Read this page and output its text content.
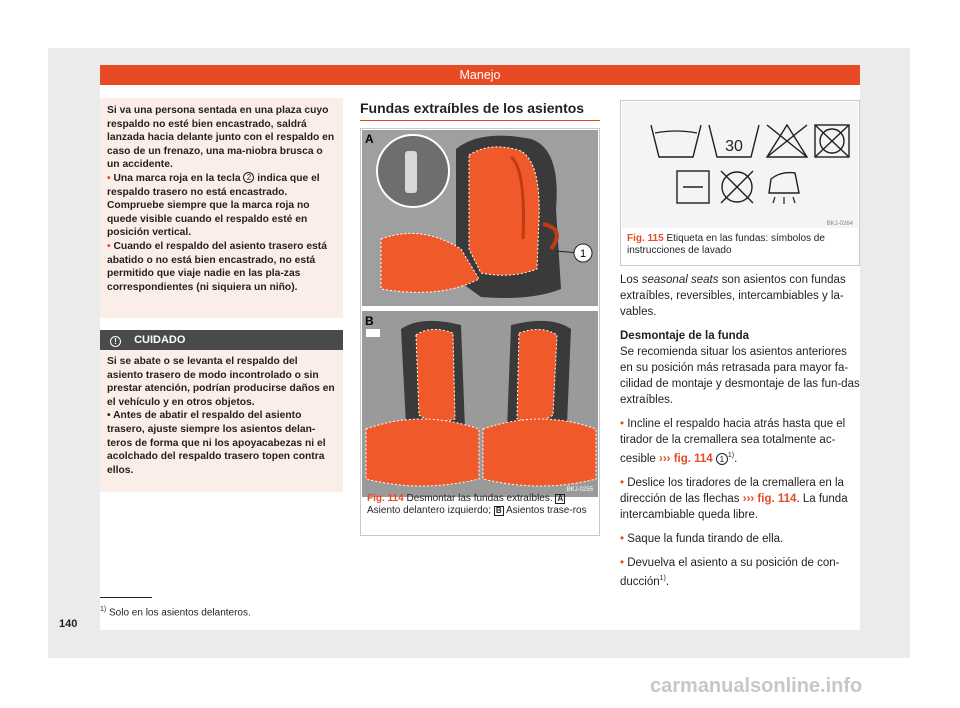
Manejo

Si va una persona sentada en una plaza cuyo respaldo no esté bien encastrado, saldrá lanzada hacia delante junto con el respaldo en caso de un frenazo, una ma-niobra brusca o un accidente.

• Una marca roja en la tecla 2 indica que el respaldo trasero no está encastrado. Compruebe siempre que la marca roja no quede visible cuando el respaldo esté en posición vertical.

• Cuando el respaldo del asiento trasero está abatido o no está bien encastrado, no está permitido que viaje nadie en las pla-zas correspondientes (ni siquiera un niño).

! CUIDADO

Si se abate o se levanta el respaldo del asiento trasero de modo incontrolado o sin prestar atención, podrían producirse daños en el vehículo y en otros objetos.

• Antes de abatir el respaldo del asiento trasero, ajuste siempre los asientos delan-teros de forma que ni los apoyacabezas ni el acolchado del respaldo trasero topen contra ellos.

Fundas extraíbles de los asientos
1
A
B
BKJ-0255
Fig. 114 Desmontar las fundas extraíbles. A Asiento delantero izquierdo; B Asientos trase-ros
30
BKJ-0264
Fig. 115 Etiqueta en las fundas: símbolos de instrucciones de lavado

Los seasonal seats son asientos con fundas extraíbles, reversibles, intercambiables y la-vables.

Desmontaje de la funda

Se recomienda situar los asientos anteriores en su posición más retrasada para mayor fa-cilidad de montaje y desmontaje de las fun-das extraíbles.

• Incline el respaldo hacia atrás hasta que el tirador de la cremallera sea totalmente ac-cesible ››› fig. 114 1 $^{1)}$.

• Deslice los tiradores de la cremallera en la dirección de las flechas ››› fig. 114. La funda intercambiable queda libre.

• Saque la funda tirando de ella.

• Devuelva el asiento a su posición de con-ducción$^{1)}$.

$^{1)}$ Solo en los asientos delanteros.
140
carmanualsonline.info
